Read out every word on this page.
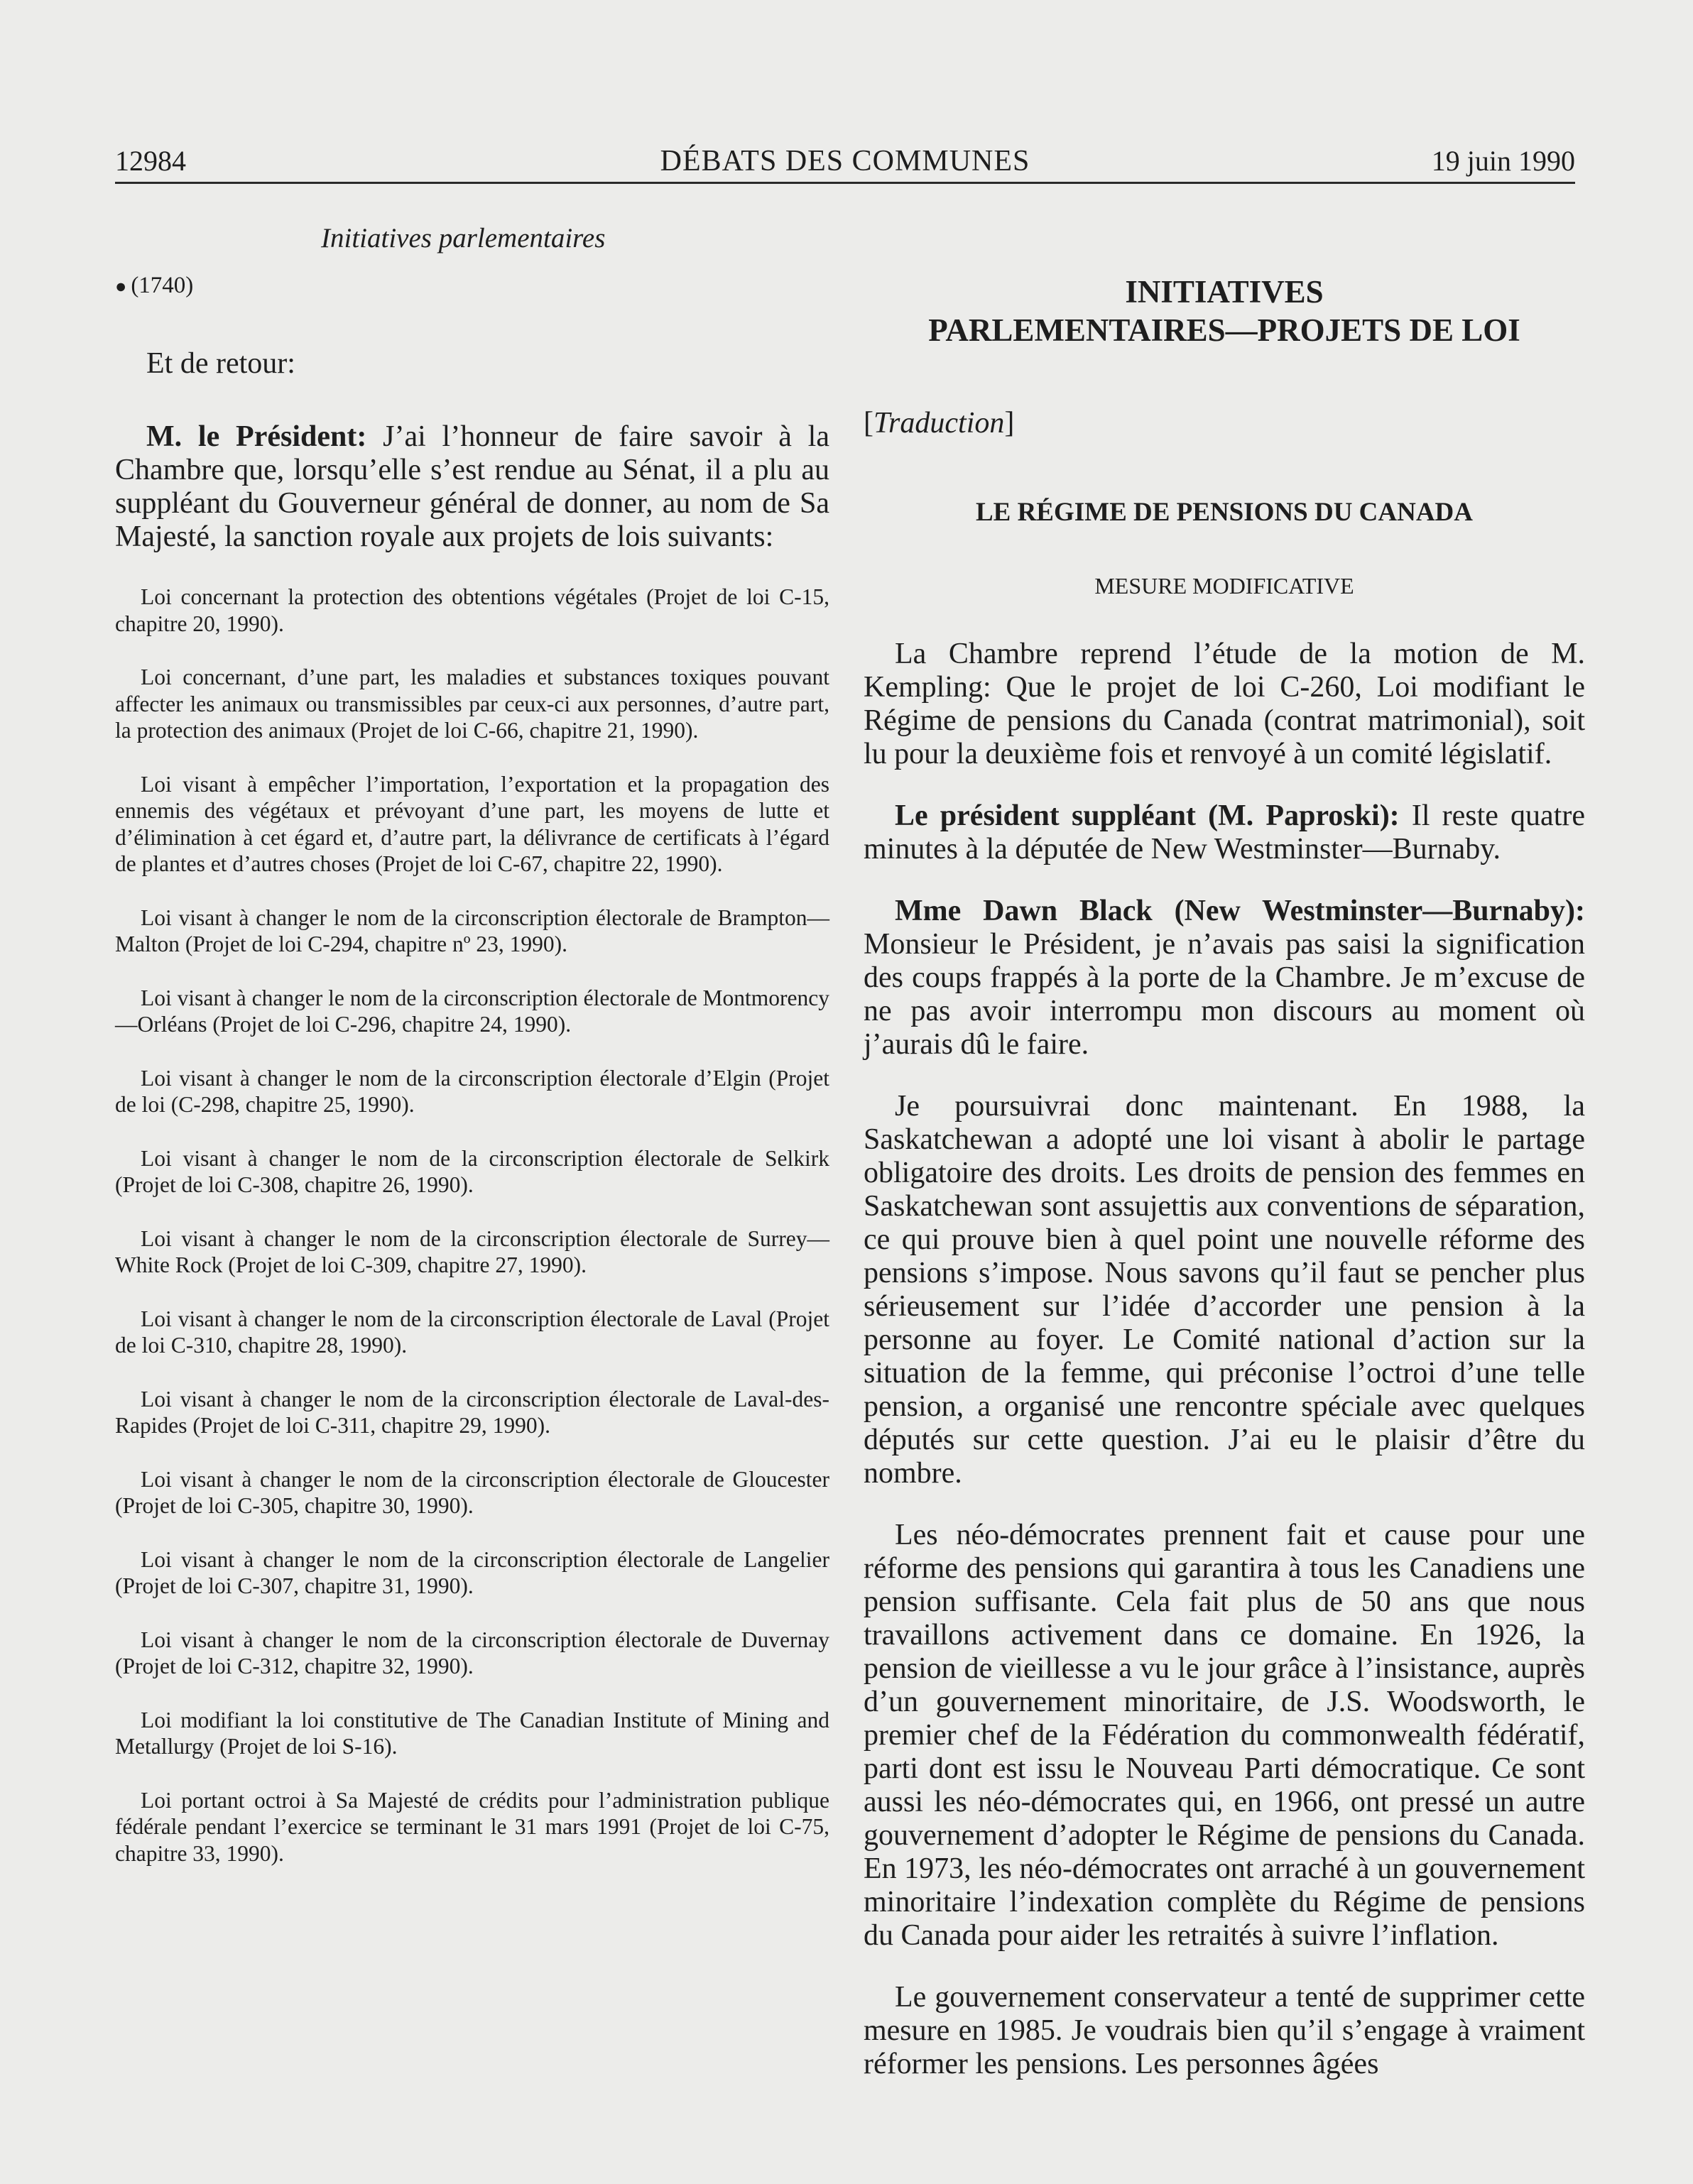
12984	DÉBATS DES COMMUNES	19 juin 1990
Initiatives parlementaires
● (1740)

Et de retour:

M. le Président: J’ai l’honneur de faire savoir à la Chambre que, lorsqu’elle s’est rendue au Sénat, il a plu au suppléant du Gouverneur général de donner, au nom de Sa Majesté, la sanction royale aux projets de lois suivants:

Loi concernant la protection des obtentions végétales (Projet de loi C-15, chapitre 20, 1990).

Loi concernant, d’une part, les maladies et substances toxiques pouvant affecter les animaux ou transmissibles par ceux-ci aux personnes, d’autre part, la protection des animaux (Projet de loi C-66, chapitre 21, 1990).

Loi visant à empêcher l’importation, l’exportation et la propagation des ennemis des végétaux et prévoyant d’une part, les moyens de lutte et d’élimination à cet égard et, d’autre part, la délivrance de certificats à l’égard de plantes et d’autres choses (Projet de loi C-67, chapitre 22, 1990).

Loi visant à changer le nom de la circonscription électorale de Brampton—Malton (Projet de loi C-294, chapitre nº 23, 1990).

Loi visant à changer le nom de la circonscription électorale de Montmorency—Orléans (Projet de loi C-296, chapitre 24, 1990).

Loi visant à changer le nom de la circonscription électorale d’Elgin (Projet de loi (C-298, chapitre 25, 1990).

Loi visant à changer le nom de la circonscription électorale de Selkirk (Projet de loi C-308, chapitre 26, 1990).

Loi visant à changer le nom de la circonscription électorale de Surrey—White Rock (Projet de loi C-309, chapitre 27, 1990).

Loi visant à changer le nom de la circonscription électorale de Laval (Projet de loi C-310, chapitre 28, 1990).

Loi visant à changer le nom de la circonscription électorale de Laval-des-Rapides (Projet de loi C-311, chapitre 29, 1990).

Loi visant à changer le nom de la circonscription électorale de Gloucester (Projet de loi C-305, chapitre 30, 1990).

Loi visant à changer le nom de la circonscription électorale de Langelier (Projet de loi C-307, chapitre 31, 1990).

Loi visant à changer le nom de la circonscription électorale de Duvernay (Projet de loi C-312, chapitre 32, 1990).

Loi modifiant la loi constitutive de The Canadian Institute of Mining and Metallurgy (Projet de loi S-16).

Loi portant octroi à Sa Majesté de crédits pour l’administration publique fédérale pendant l’exercice se terminant le 31 mars 1991 (Projet de loi C-75, chapitre 33, 1990).

INITIATIVES
PARLEMENTAIRES—PROJETS DE LOI
[Traduction]
LE RÉGIME DE PENSIONS DU CANADA
MESURE MODIFICATIVE

La Chambre reprend l’étude de la motion de M. Kempling: Que le projet de loi C-260, Loi modifiant le Régime de pensions du Canada (contrat matrimonial), soit lu pour la deuxième fois et renvoyé à un comité législatif.

Le président suppléant (M. Paproski): Il reste quatre minutes à la députée de New Westminster—Burnaby.

Mme Dawn Black (New Westminster—Burnaby): Monsieur le Président, je n’avais pas saisi la signification des coups frappés à la porte de la Chambre. Je m’excuse de ne pas avoir interrompu mon discours au moment où j’aurais dû le faire.

Je poursuivrai donc maintenant. En 1988, la Saskatchewan a adopté une loi visant à abolir le partage obligatoire des droits. Les droits de pension des femmes en Saskatchewan sont assujettis aux conventions de séparation, ce qui prouve bien à quel point une nouvelle réforme des pensions s’impose. Nous savons qu’il faut se pencher plus sérieusement sur l’idée d’accorder une pension à la personne au foyer. Le Comité national d’action sur la situation de la femme, qui préconise l’octroi d’une telle pension, a organisé une rencontre spéciale avec quelques députés sur cette question. J’ai eu le plaisir d’être du nombre.

Les néo-démocrates prennent fait et cause pour une réforme des pensions qui garantira à tous les Canadiens une pension suffisante. Cela fait plus de 50 ans que nous travaillons activement dans ce domaine. En 1926, la pension de vieillesse a vu le jour grâce à l’insistance, auprès d’un gouvernement minoritaire, de J.S. Woodsworth, le premier chef de la Fédération du commonwealth fédératif, parti dont est issu le Nouveau Parti démocratique. Ce sont aussi les néo-démocrates qui, en 1966, ont pressé un autre gouvernement d’adopter le Régime de pensions du Canada. En 1973, les néo-démocrates ont arraché à un gouvernement minoritaire l’indexation complète du Régime de pensions du Canada pour aider les retraités à suivre l’inflation.

Le gouvernement conservateur a tenté de supprimer cette mesure en 1985. Je voudrais bien qu’il s’engage à vraiment réformer les pensions. Les personnes âgées
